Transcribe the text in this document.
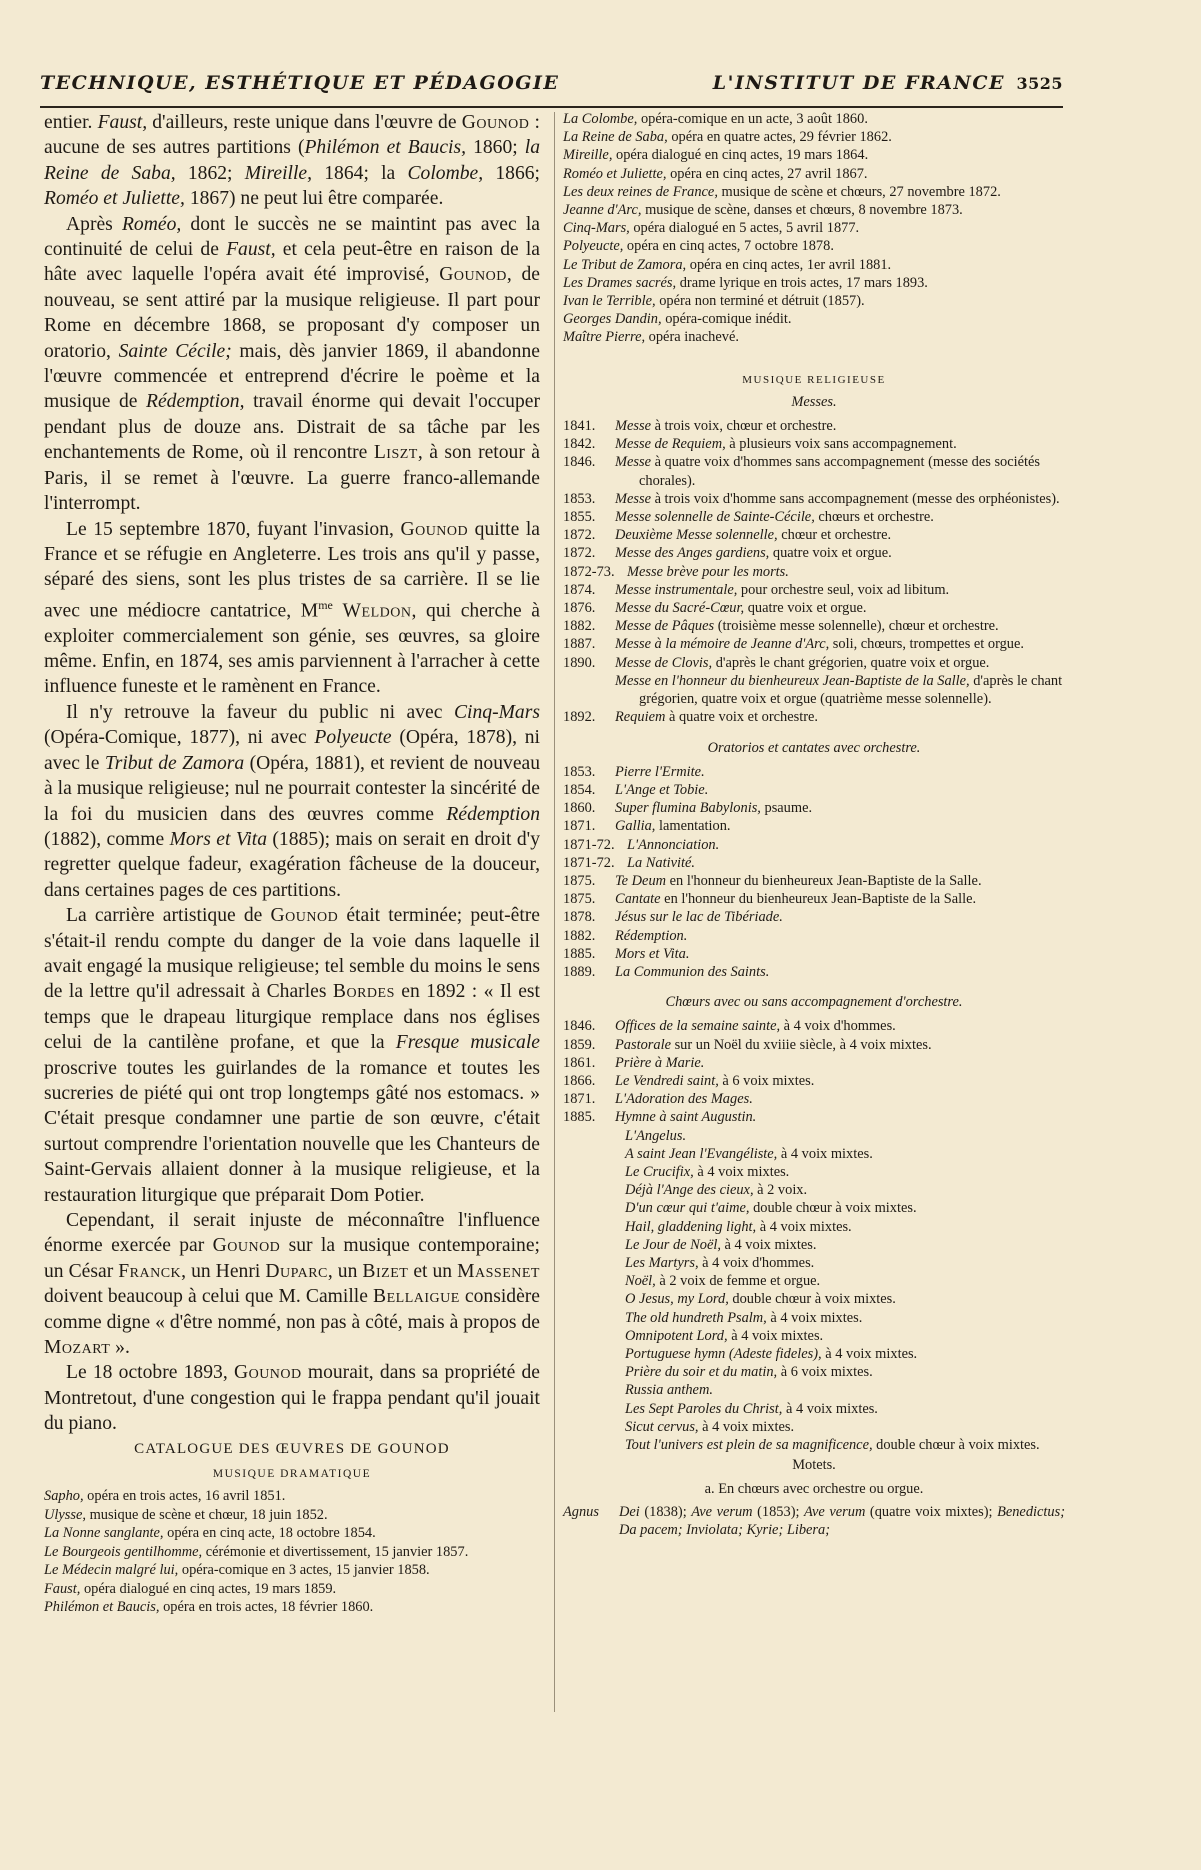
TECHNIQUE, ESTHÉTIQUE ET PÉDAGOGIE	L'INSTITUT DE FRANCE 3525

entier. Faust, d'ailleurs, reste unique dans l'œuvre de Gounod : aucune de ses autres partitions (Philémon et Baucis, 1860; la Reine de Saba, 1862; Mireille, 1864; la Colombe, 1866; Roméo et Juliette, 1867) ne peut lui être comparée.

Après Roméo, dont le succès ne se maintint pas avec la continuité de celui de Faust, et cela peut-être en raison de la hâte avec laquelle l'opéra avait été improvisé, Gounod, de nouveau, se sent attiré par la musique religieuse. Il part pour Rome en décembre 1868, se proposant d'y composer un oratorio, Sainte Cécile; mais, dès janvier 1869, il abandonne l'œuvre commencée et entreprend d'écrire le poème et la musique de Rédemption, travail énorme qui devait l'occuper pendant plus de douze ans. Distrait de sa tâche par les enchantements de Rome, où il rencontre Liszt, à son retour à Paris, il se remet à l'œuvre. La guerre franco-allemande l'interrompt.

Le 15 septembre 1870, fuyant l'invasion, Gounod quitte la France et se réfugie en Angleterre. Les trois ans qu'il y passe, séparé des siens, sont les plus tristes de sa carrière. Il se lie avec une médiocre cantatrice, $M^{me}$ Weldon, qui cherche à exploiter commercialement son génie, ses œuvres, sa gloire même. Enfin, en 1874, ses amis parviennent à l'arracher à cette influence funeste et le ramènent en France.

Il n'y retrouve la faveur du public ni avec Cinq-Mars (Opéra-Comique, 1877), ni avec Polyeucte (Opéra, 1878), ni avec le Tribut de Zamora (Opéra, 1881), et revient de nouveau à la musique religieuse; nul ne pourrait contester la sincérité de la foi du musicien dans des œuvres comme Rédemption (1882), comme Mors et Vita (1885); mais on serait en droit d'y regretter quelque fadeur, exagération fâcheuse de la douceur, dans certaines pages de ces partitions.

La carrière artistique de Gounod était terminée; peut-être s'était-il rendu compte du danger de la voie dans laquelle il avait engagé la musique religieuse; tel semble du moins le sens de la lettre qu'il adressait à Charles Bordes en 1892 : « Il est temps que le drapeau liturgique remplace dans nos églises celui de la cantilène profane, et que la Fresque musicale proscrive toutes les guirlandes de la romance et toutes les sucreries de piété qui ont trop longtemps gâté nos estomacs. » C'était presque condamner une partie de son œuvre, c'était surtout comprendre l'orientation nouvelle que les Chanteurs de Saint-Gervais allaient donner à la musique religieuse, et la restauration liturgique que préparait Dom Potier.

Cependant, il serait injuste de méconnaître l'influence énorme exercée par Gounod sur la musique contemporaine; un César Franck, un Henri Duparc, un Bizet et un Massenet doivent beaucoup à celui que M. Camille Bellaigue considère comme digne « d'être nommé, non pas à côté, mais à propos de Mozart ».

Le 18 octobre 1893, Gounod mourait, dans sa propriété de Montretout, d'une congestion qui le frappa pendant qu'il jouait du piano.

CATALOGUE DES ŒUVRES DE GOUNOD

MUSIQUE DRAMATIQUE

Sapho, opéra en trois actes, 16 avril 1851.
Ulysse, musique de scène et chœur, 18 juin 1852.
La Nonne sanglante, opéra en cinq acte, 18 octobre 1854.
Le Bourgeois gentilhomme, cérémonie et divertissement, 15 janvier 1857.
Le Médecin malgré lui, opéra-comique en 3 actes, 15 janvier 1858.
Faust, opéra dialogué en cinq actes, 19 mars 1859.
Philémon et Baucis, opéra en trois actes, 18 février 1860.
La Colombe, opéra-comique en un acte, 3 août 1860.
La Reine de Saba, opéra en quatre actes, 29 février 1862.
Mireille, opéra dialogué en cinq actes, 19 mars 1864.
Roméo et Juliette, opéra en cinq actes, 27 avril 1867.
Les deux reines de France, musique de scène et chœurs, 27 novembre 1872.
Jeanne d'Arc, musique de scène, danses et chœurs, 8 novembre 1873.
Cinq-Mars, opéra dialogué en 5 actes, 5 avril 1877.
Polyeucte, opéra en cinq actes, 7 octobre 1878.
Le Tribut de Zamora, opéra en cinq actes, 1er avril 1881.
Les Drames sacrés, drame lyrique en trois actes, 17 mars 1893.
Ivan le Terrible, opéra non terminé et détruit (1857).
Georges Dandin, opéra-comique inédit.
Maître Pierre, opéra inachevé.
MUSIQUE RELIGIEUSE
Messes.
1841.	Messe à trois voix, chœur et orchestre.
1842.	Messe de Requiem, à plusieurs voix sans accompagnement.
1846.	Messe à quatre voix d'hommes sans accompagnement (messe des sociétés chorales).
1853.	Messe à trois voix d'homme sans accompagnement (messe des orphéonistes).
1855.	Messe solennelle de Sainte-Cécile, chœurs et orchestre.
1872.	Deuxième Messe solennelle, chœur et orchestre.
1872.	Messe des Anges gardiens, quatre voix et orgue.
1872-73. Messe brève pour les morts.
1874.	Messe instrumentale, pour orchestre seul, voix ad libitum.
1876.	Messe du Sacré-Cœur, quatre voix et orgue.
1882.	Messe de Pâques (troisième messe solennelle), chœur et orchestre.
1887.	Messe à la mémoire de Jeanne d'Arc, soli, chœurs, trompettes et orgue.
1890.	Messe de Clovis, d'après le chant grégorien, quatre voix et orgue.
Messe en l'honneur du bienheureux Jean-Baptiste de la Salle, d'après le chant grégorien, quatre voix et orgue (quatrième messe solennelle).
1892.	Requiem à quatre voix et orchestre.
Oratorios et cantates avec orchestre.
1853.	Pierre l'Ermite.
1854.	L'Ange et Tobie.
1860.	Super flumina Babylonis, psaume.
1871.	Gallia, lamentation.
1871-72. L'Annonciation.
1871-72. La Nativité.
1875.	Te Deum en l'honneur du bienheureux Jean-Baptiste de la Salle.
1875.	Cantate en l'honneur du bienheureux Jean-Baptiste de la Salle.
1878.	Jésus sur le lac de Tibériade.
1882.	Rédemption.
1885.	Mors et Vita.
1889.	La Communion des Saints.
Chœurs avec ou sans accompagnement d'orchestre.
1846.	Offices de la semaine sainte, à 4 voix d'hommes.
1859.	Pastorale sur un Noël du xviiie siècle, à 4 voix mixtes.
1861.	Prière à Marie.
1866.	Le Vendredi saint, à 6 voix mixtes.
1871.	L'Adoration des Mages.
1885.	Hymne à saint Augustin.
L'Angelus.
A saint Jean l'Evangéliste, à 4 voix mixtes.
Le Crucifix, à 4 voix mixtes.
Déjà l'Ange des cieux, à 2 voix.
D'un cœur qui t'aime, double chœur à voix mixtes.
Hail, gladdening light, à 4 voix mixtes.
Le Jour de Noël, à 4 voix mixtes.
Les Martyrs, à 4 voix d'hommes.
Noël, à 2 voix de femme et orgue.
O Jesus, my Lord, double chœur à voix mixtes.
The old hundreth Psalm, à 4 voix mixtes.
Omnipotent Lord, à 4 voix mixtes.
Portuguese hymn (Adeste fideles), à 4 voix mixtes.
Prière du soir et du matin, à 6 voix mixtes.
Russia anthem.
Les Sept Paroles du Christ, à 4 voix mixtes.
Sicut cervus, à 4 voix mixtes.
Tout l'univers est plein de sa magnificence, double chœur à voix mixtes.
Motets.
a. En chœurs avec orchestre ou orgue.
Agnus	Dei (1838); Ave verum (1853); Ave verum (quatre voix mixtes); Benedictus; Da pacem; Inviolata; Kyrie; Libera;
